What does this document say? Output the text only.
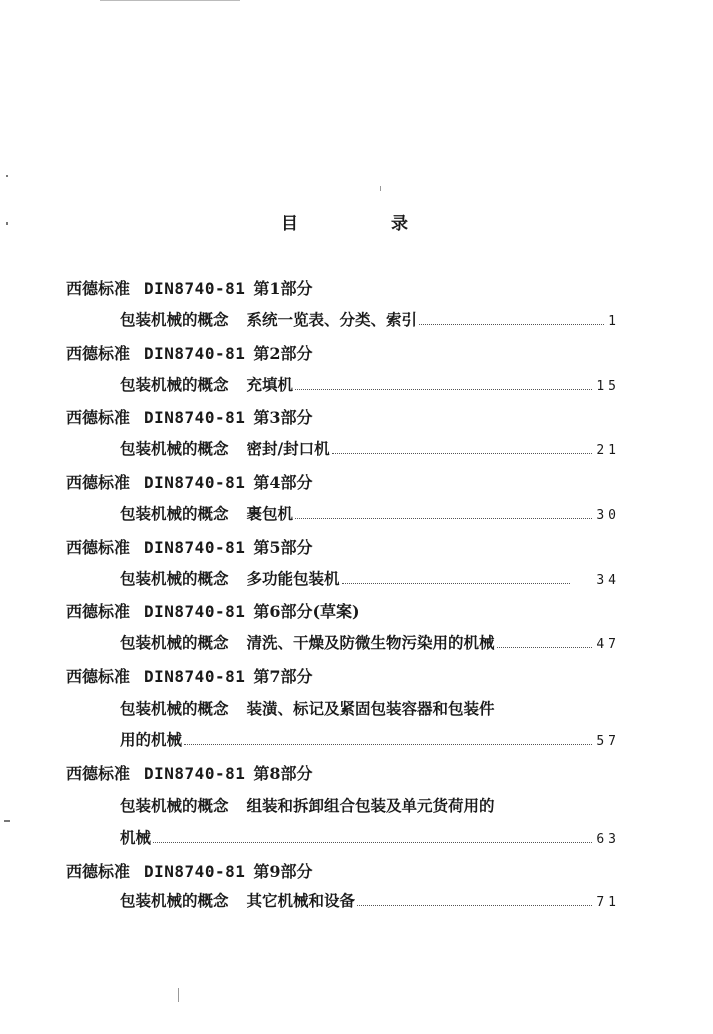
目	录
西德标准 DIN8740-81 第1部分
包装机械的概念 系统一览表、分类、索引	1
西德标准 DIN8740-81 第2部分
包装机械的概念 充填机	15
西德标准 DIN8740-81 第3部分
包装机械的概念 密封/封口机	21
西德标准 DIN8740-81 第4部分
包装机械的概念 裹包机	30
西德标准 DIN8740-81 第5部分
包装机械的概念 多功能包装机	34
西德标准 DIN8740-81 第6部分(草案)
包装机械的概念 清洗、干燥及防微生物污染用的机械	47
西德标准 DIN8740-81 第7部分
包装机械的概念 装潢、标记及紧固包装容器和包装件
用的机械	57
西德标准 DIN8740-81 第8部分
包装机械的概念 组装和拆卸组合包装及单元货荷用的
机械	63
西德标准 DIN8740-81 第9部分
包装机械的概念 其它机械和设备	71
